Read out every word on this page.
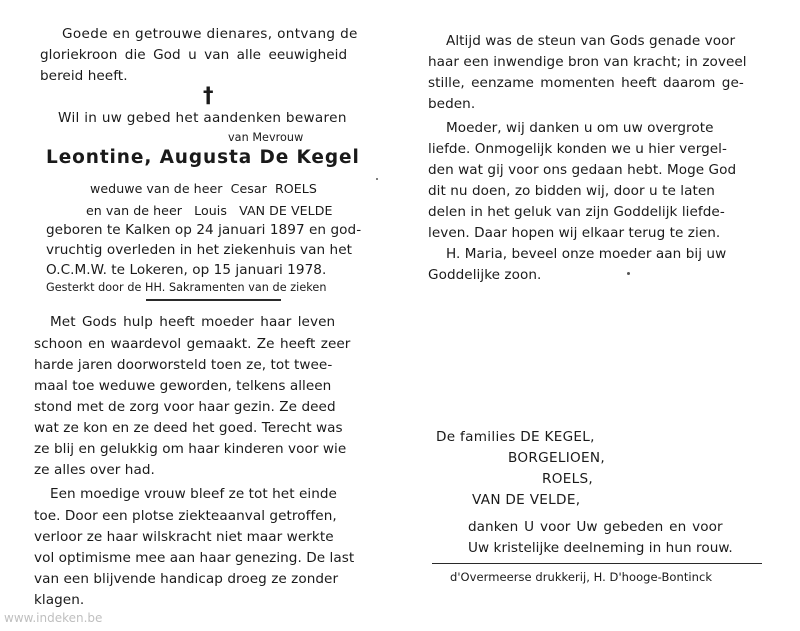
Goede en getrouwe dienares, ontvang de
gloriekroon die God u van alle eeuwigheid
bereid heeft.
†
Wil in uw gebed het aandenken bewaren
van Mevrouw
Leontine, Augusta De Kegel
weduwe van de heer  Cesar  ROELS
en van de heer   Louis   VAN DE VELDE
geboren te Kalken op 24 januari 1897 en god-
vruchtig overleden in het ziekenhuis van het
O.C.M.W. te Lokeren, op 15 januari 1978.
Gesterkt door de HH. Sakramenten van de zieken
Met Gods hulp heeft moeder haar leven
schoon en waardevol gemaakt. Ze heeft zeer
harde jaren doorworsteld toen ze, tot twee-
maal toe weduwe geworden, telkens alleen
stond met de zorg voor haar gezin. Ze deed
wat ze kon en ze deed het goed. Terecht was
ze blij en gelukkig om haar kinderen voor wie
ze alles over had.
Een moedige vrouw bleef ze tot het einde
toe. Door een plotse ziekteaanval getroffen,
verloor ze haar wilskracht niet maar werkte
vol optimisme mee aan haar genezing. De last
van een blijvende handicap droeg ze zonder
klagen.
Altijd was de steun van Gods genade voor
haar een inwendige bron van kracht; in zoveel
stille, eenzame momenten heeft daarom ge-
beden.
Moeder, wij danken u om uw overgrote
liefde. Onmogelijk konden we u hier vergel-
den wat gij voor ons gedaan hebt. Moge God
dit nu doen, zo bidden wij, door u te laten
delen in het geluk van zijn Goddelijk liefde-
leven. Daar hopen wij elkaar terug te zien.
H. Maria, beveel onze moeder aan bij uw
Goddelijke zoon.
De families DE KEGEL,
BORGELIOEN,
ROELS,
VAN DE VELDE,
danken U voor Uw gebeden en voor
Uw kristelijke deelneming in hun rouw.
d'Overmeerse drukkerij, H. D'hooge-Bontinck
www.indeken.be
